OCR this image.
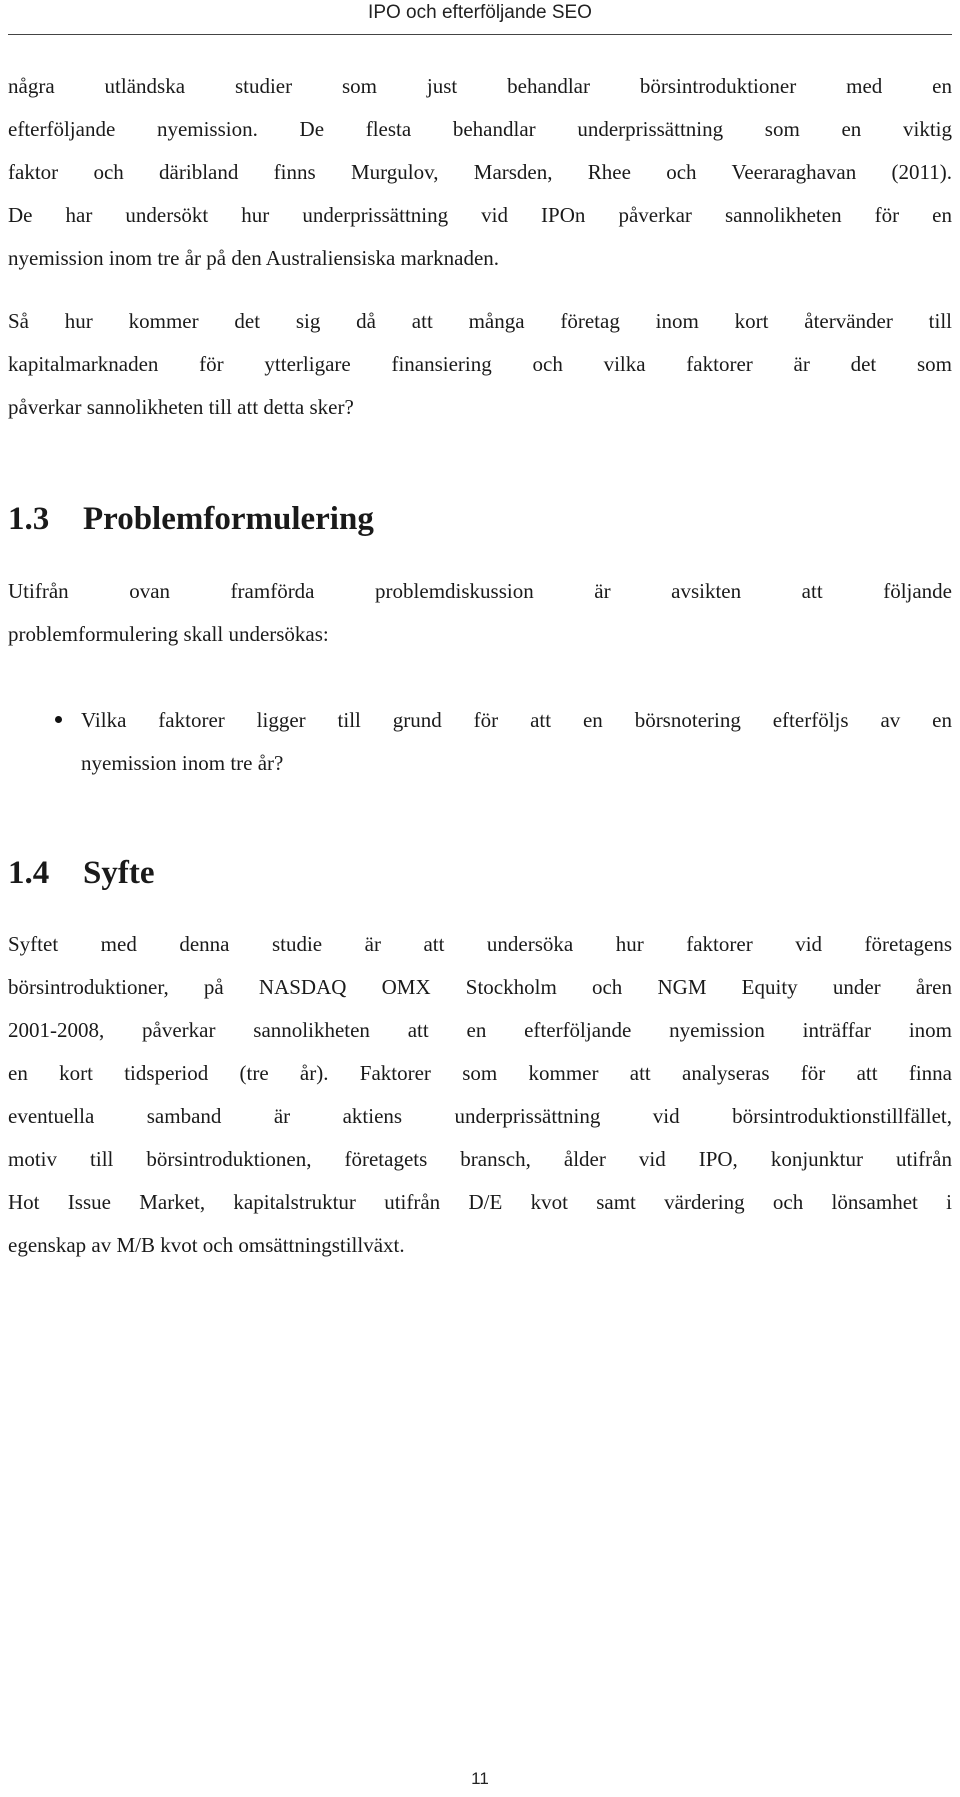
IPO och efterföljande SEO

några utländska studier som just behandlar börsintroduktioner med en
efterföljande nyemission. De flesta behandlar underprissättning som en viktig
faktor och däribland finns Murgulov, Marsden, Rhee och Veeraraghavan (2011).
De har undersökt hur underprissättning vid IPOn påverkar sannolikheten för en
nyemission inom tre år på den Australiensiska marknaden.

Så hur kommer det sig då att många företag inom kort återvänder till
kapitalmarknaden för ytterligare finansiering och vilka faktorer är det som
påverkar sannolikheten till att detta sker?

1.3 Problemformulering

Utifrån ovan framförda problemdiskussion är avsikten att följande
problemformulering skall undersökas:

Vilka faktorer ligger till grund för att en börsnotering efterföljs av en
nyemission inom tre år?
1.4 Syfte

Syftet med denna studie är att undersöka hur faktorer vid företagens
börsintroduktioner, på NASDAQ OMX Stockholm och NGM Equity under åren
2001-2008, påverkar sannolikheten att en efterföljande nyemission inträffar inom
en kort tidsperiod (tre år). Faktorer som kommer att analyseras för att finna
eventuella samband är aktiens underprissättning vid börsintroduktionstillfället,
motiv till börsintroduktionen, företagets bransch, ålder vid IPO, konjunktur utifrån
Hot Issue Market, kapitalstruktur utifrån D/E kvot samt värdering och lönsamhet i
egenskap av M/B kvot och omsättningstillväxt.

11
